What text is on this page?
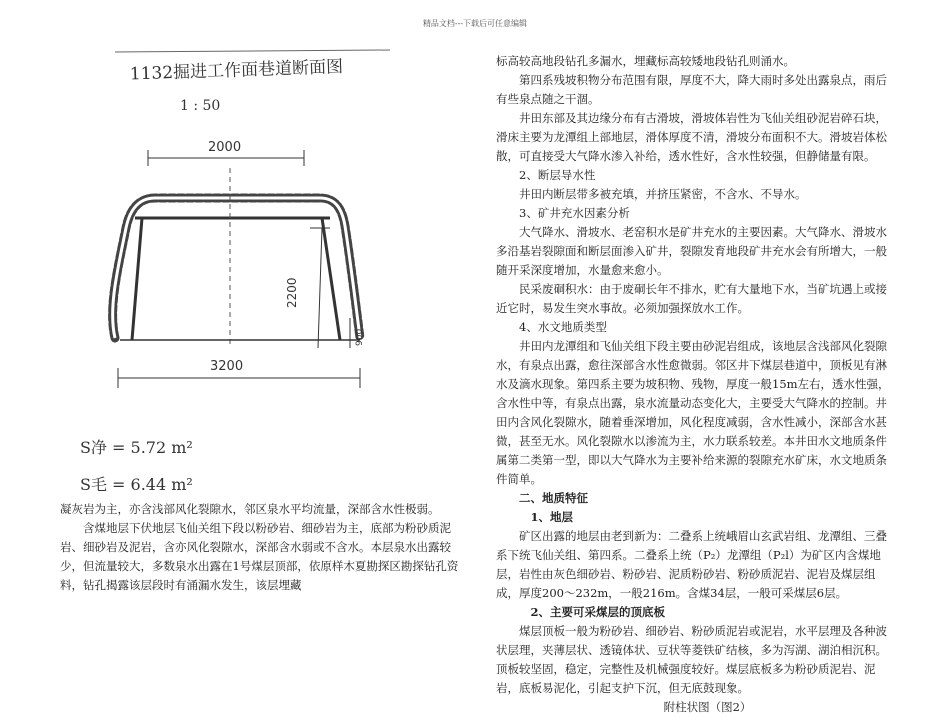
精品文档---下载后可任意编辑
1132掘进工作面巷道断面图
1 : 50
2000
2200
900
3200
S净 = 5.72 m²
S毛 = 6.44 m²

凝灰岩为主，亦含浅部风化裂隙水，邻区泉水平均流量，深部含水性极弱。

含煤地层下伏地层飞仙关组下段以粉砂岩、细砂岩为主，底部为粉砂质泥岩、细砂岩及泥岩，含亦风化裂隙水，深部含水弱或不含水。本层泉水出露较少，但流量较大，多数泉水出露在1号煤层顶部，依原样木夏勘探区勘探钻孔资料，钻孔揭露该层段时有涌漏水发生，该层埋藏

标高较高地段钻孔多漏水，埋藏标高较矮地段钻孔则涌水。

第四系残坡积物分布范围有限，厚度不大，降大雨时多处出露泉点，雨后有些泉点随之干涸。

井田东部及其边缘分布有古滑坡，滑坡体岩性为飞仙关组砂泥岩碎石块，滑床主要为龙潭组上部地层，滑体厚度不清，滑坡分布面积不大。滑坡岩体松散，可直接受大气降水渗入补给，透水性好，含水性较强，但静储量有限。

2、断层导水性

井田内断层带多被充填，并挤压紧密，不含水、不导水。

3、矿井充水因素分析

大气降水、滑坡水、老窑积水是矿井充水的主要因素。大气降水、滑坡水多沿基岩裂隙面和断层面渗入矿井，裂隙发育地段矿井充水会有所增大，一般随开采深度增加，水量愈来愈小。

民采废硐积水：由于废硐长年不排水，贮有大量地下水，当矿坑遇上或接近它时，易发生突水事故。必须加强探放水工作。

4、水文地质类型

井田内龙潭组和飞仙关组下段主要由砂泥岩组成，该地层含浅部风化裂隙水，有泉点出露，愈往深部含水性愈微弱。邻区井下煤层巷道中，顶板见有淋水及滴水现象。第四系主要为坡积物、残物，厚度一般15m左右，透水性强，含水性中等，有泉点出露，泉水流量动态变化大，主要受大气降水的控制。井田内含风化裂隙水，随着垂深增加，风化程度减弱，含水性减小，深部含水甚微，甚至无水。风化裂隙水以渗流为主，水力联系较差。本井田水文地质条件属第二类第一型，即以大气降水为主要补给来源的裂隙充水矿床，水文地质条件简单。

二、地质特征

1、地层

矿区出露的地层由老到新为：二叠系上统峨眉山玄武岩组、龙潭组、三叠系下统飞仙关组、第四系。二叠系上统（P₂）龙潭组（P₂l）为矿区内含煤地层，岩性由灰色细砂岩、粉砂岩、泥质粉砂岩、粉砂质泥岩、泥岩及煤层组成，厚度200～232m，一般216m。含煤34层，一般可采煤层6层。

2、主要可采煤层的顶底板

煤层顶板一般为粉砂岩、细砂岩、粉砂质泥岩或泥岩，水平层理及各种波状层理，夹薄层状、透镜体状、豆状等菱铁矿结核，多为泻湖、湖泊相沉积。顶板较坚固，稳定，完整性及机械强度较好。煤层底板多为粉砂质泥岩、泥岩，底板易泥化，引起支护下沉，但无底鼓现象。

附柱状图（图2）
